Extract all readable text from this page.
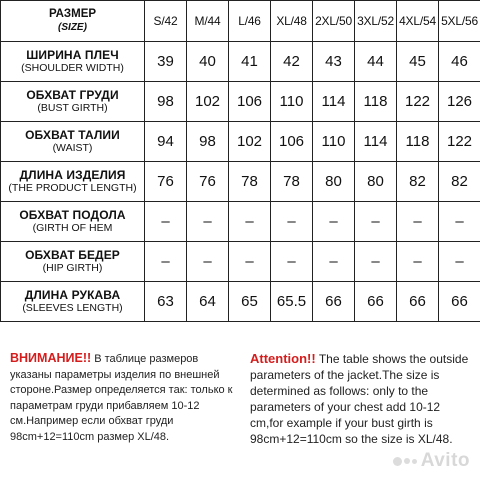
РАЗМЕР
(SIZE)	S/42	M/44	L/46	XL/48	2XL/50	3XL/52	4XL/54	5XL/56

ШИРИНА ПЛЕЧ
(SHOULDER WIDTH)	39	40	41	42	43	44	45	46

ОБХВАТ ГРУДИ
(BUST GIRTH)	98	102	106	110	114	118	122	126

ОБХВАТ ТАЛИИ
(WAIST)	94	98	102	106	110	114	118	122

ДЛИНА ИЗДЕЛИЯ
(THE PRODUCT LENGTH)	76	76	78	78	80	80	82	82

ОБХВАТ ПОДОЛА
(GIRTH OF HEM	–	–	–	–	–	–	–	–

ОБХВАТ БЕДЕР
(HIP GIRTH)	–	–	–	–	–	–	–	–

ДЛИНА РУКАВА
(SLEEVES LENGTH)	63	64	65	65.5	66	66	66	66

ВНИМАНИЕ!! В таблице размеров указаны параметры изделия по внешней стороне.Размер определяется так: только к параметрам груди прибавляем 10-12 см.Например если обхват груди 98cm+12=110cm размер XL/48.

Attention!! The table shows the outside parameters of the jacket.The size is determined as follows: only to the parameters of your chest add 10-12 cm,for example if your bust girth is 98cm+12=110cm so the size is XL/48.

Avito
